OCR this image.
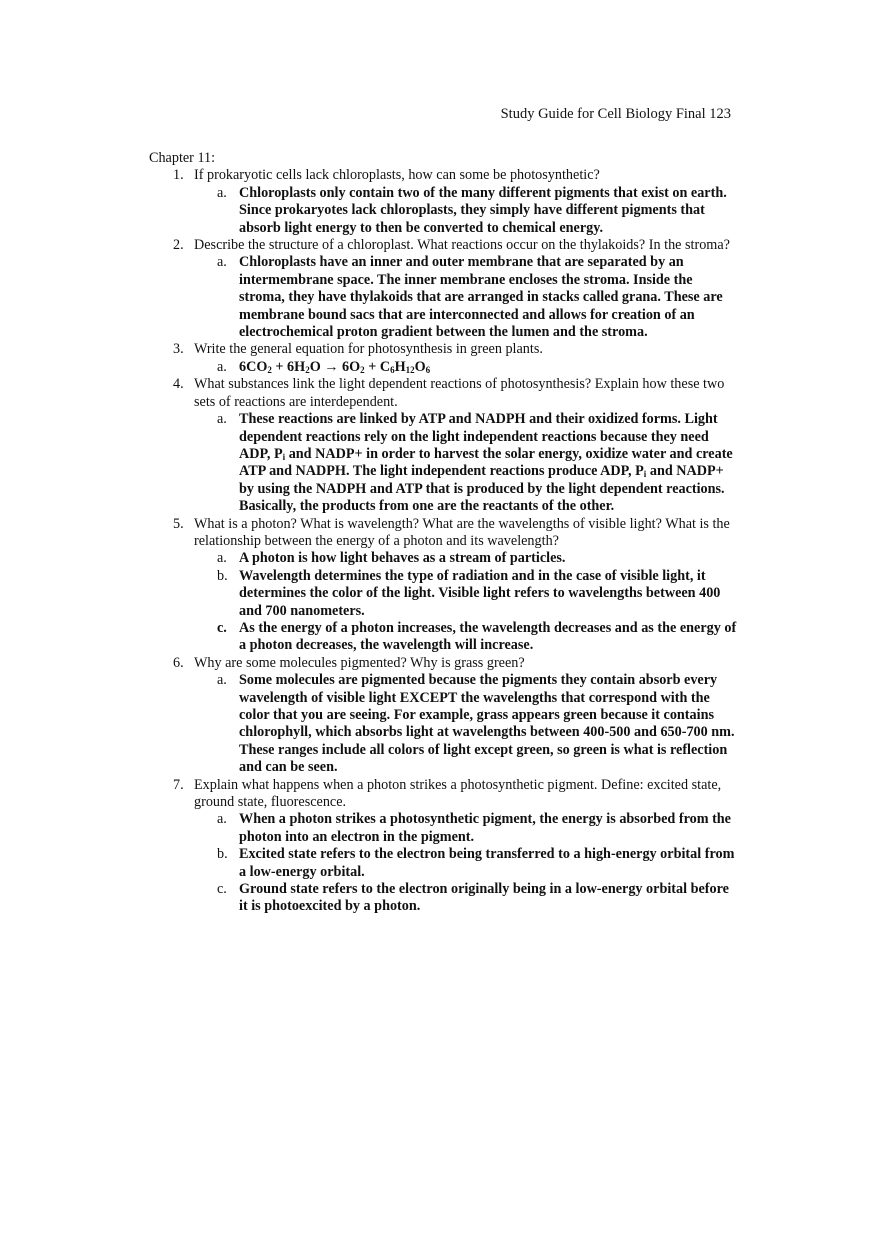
Study Guide for Cell Biology Final 123
Chapter 11:
1. If prokaryotic cells lack chloroplasts, how can some be photosynthetic?
a. Chloroplasts only contain two of the many different pigments that exist on earth. Since prokaryotes lack chloroplasts, they simply have different pigments that absorb light energy to then be converted to chemical energy.
2. Describe the structure of a chloroplast. What reactions occur on the thylakoids? In the stroma?
a. Chloroplasts have an inner and outer membrane that are separated by an intermembrane space. The inner membrane encloses the stroma. Inside the stroma, they have thylakoids that are arranged in stacks called grana. These are membrane bound sacs that are interconnected and allows for creation of an electrochemical proton gradient between the lumen and the stroma.
3. Write the general equation for photosynthesis in green plants.
a. $6CO_2 + 6H_2O \to 6O_2 + C_6H_{12}O_6$
4. What substances link the light dependent reactions of photosynthesis? Explain how these two sets of reactions are interdependent.
a. These reactions are linked by ATP and NADPH and their oxidized forms. Light dependent reactions rely on the light independent reactions because they need ADP, $P_i$ and NADP+ in order to harvest the solar energy, oxidize water and create ATP and NADPH. The light independent reactions produce ADP, $P_i$ and NADP+ by using the NADPH and ATP that is produced by the light dependent reactions. Basically, the products from one are the reactants of the other.
5. What is a photon? What is wavelength? What are the wavelengths of visible light? What is the relationship between the energy of a photon and its wavelength?
a. A photon is how light behaves as a stream of particles.
b. Wavelength determines the type of radiation and in the case of visible light, it determines the color of the light. Visible light refers to wavelengths between 400 and 700 nanometers.
c. As the energy of a photon increases, the wavelength decreases and as the energy of a photon decreases, the wavelength will increase.
6. Why are some molecules pigmented? Why is grass green?
a. Some molecules are pigmented because the pigments they contain absorb every wavelength of visible light EXCEPT the wavelengths that correspond with the color that you are seeing. For example, grass appears green because it contains chlorophyll, which absorbs light at wavelengths between 400-500 and 650-700 nm. These ranges include all colors of light except green, so green is what is reflection and can be seen.
7. Explain what happens when a photon strikes a photosynthetic pigment. Define: excited state, ground state, fluorescence.
a. When a photon strikes a photosynthetic pigment, the energy is absorbed from the photon into an electron in the pigment.
b. Excited state refers to the electron being transferred to a high-energy orbital from a low-energy orbital.
c. Ground state refers to the electron originally being in a low-energy orbital before it is photoexcited by a photon.
